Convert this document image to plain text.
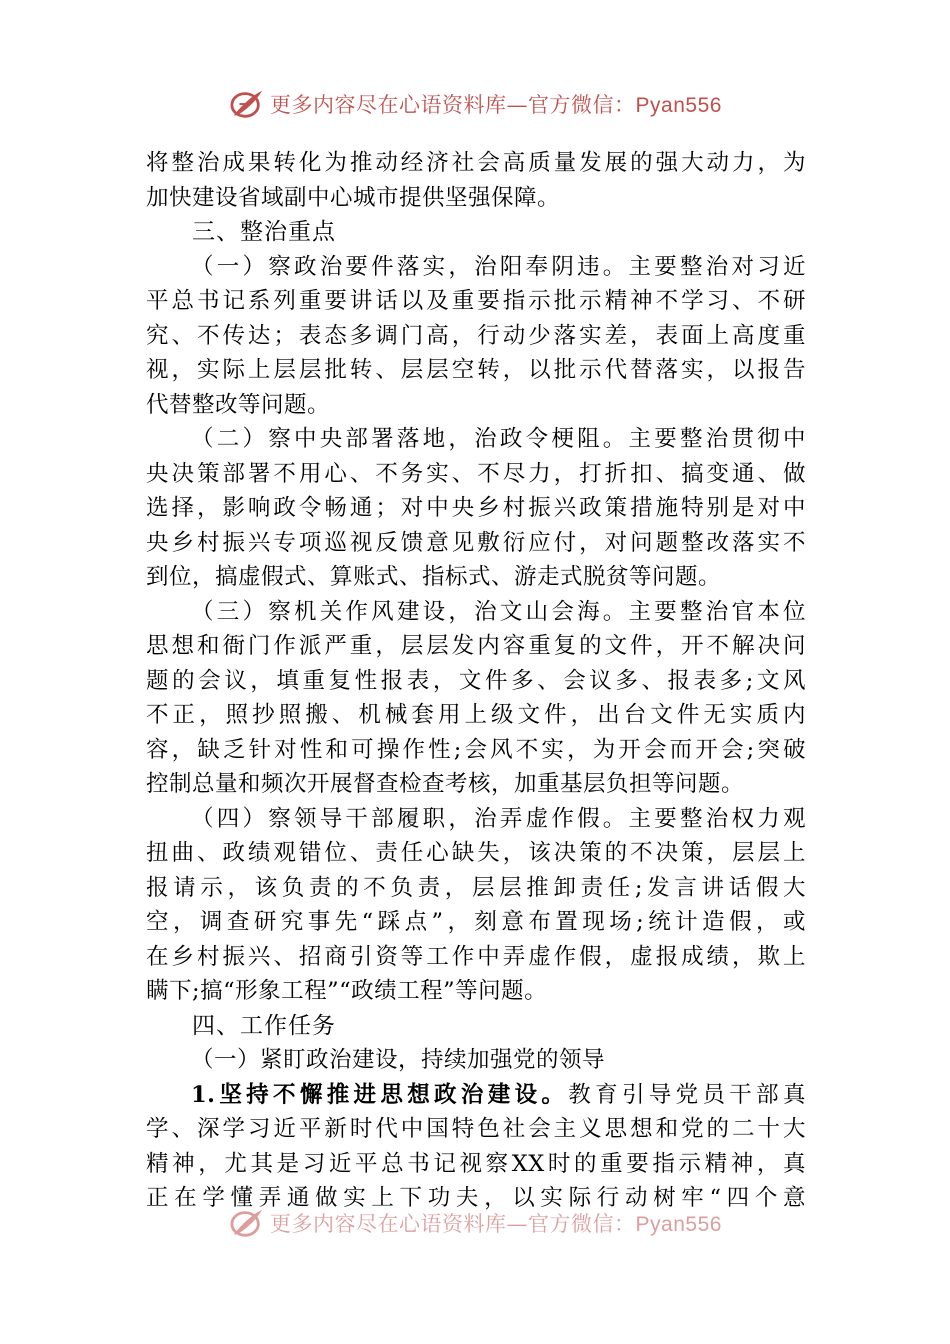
更多内容尽在心语资料库—官方微信：Pyan556

将整治成果转化为推动经济社会高质量发展的强大动力，为

加快建设省域副中心城市提供坚强保障。

三、整治重点

（一）察政治要件落实，治阳奉阴违。主要整治对习近

平总书记系列重要讲话以及重要指示批示精神不学习、不研

究、不传达；表态多调门高，行动少落实差，表面上高度重

视，实际上层层批转、层层空转，以批示代替落实，以报告

代替整改等问题。

（二）察中央部署落地，治政令梗阻。主要整治贯彻中

央决策部署不用心、不务实、不尽力，打折扣、搞变通、做

选择，影响政令畅通；对中央乡村振兴政策措施特别是对中

央乡村振兴专项巡视反馈意见敷衍应付，对问题整改落实不

到位，搞虚假式、算账式、指标式、游走式脱贫等问题。

（三）察机关作风建设，治文山会海。主要整治官本位

思想和衙门作派严重，层层发内容重复的文件，开不解决问

题的会议，填重复性报表，文件多、会议多、报表多;文风

不正，照抄照搬、机械套用上级文件，出台文件无实质内

容，缺乏针对性和可操作性;会风不实，为开会而开会;突破

控制总量和频次开展督查检查考核，加重基层负担等问题。

（四）察领导干部履职，治弄虚作假。主要整治权力观

扭曲、政绩观错位、责任心缺失，该决策的不决策，层层上

报请示，该负责的不负责，层层推卸责任;发言讲话假大

空，调查研究事先“踩点”，刻意布置现场;统计造假，或

在乡村振兴、招商引资等工作中弄虚作假，虚报成绩，欺上

瞒下;搞“形象工程”“政绩工程”等问题。

四、工作任务

（一）紧盯政治建设，持续加强党的领导

1.坚持不懈推进思想政治建设。教育引导党员干部真

学、深学习近平新时代中国特色社会主义思想和党的二十大

精神，尤其是习近平总书记视察XX时的重要指示精神，真

正在学懂弄通做实上下功夫，以实际行动树牢“四个意

更多内容尽在心语资料库—官方微信：Pyan556
